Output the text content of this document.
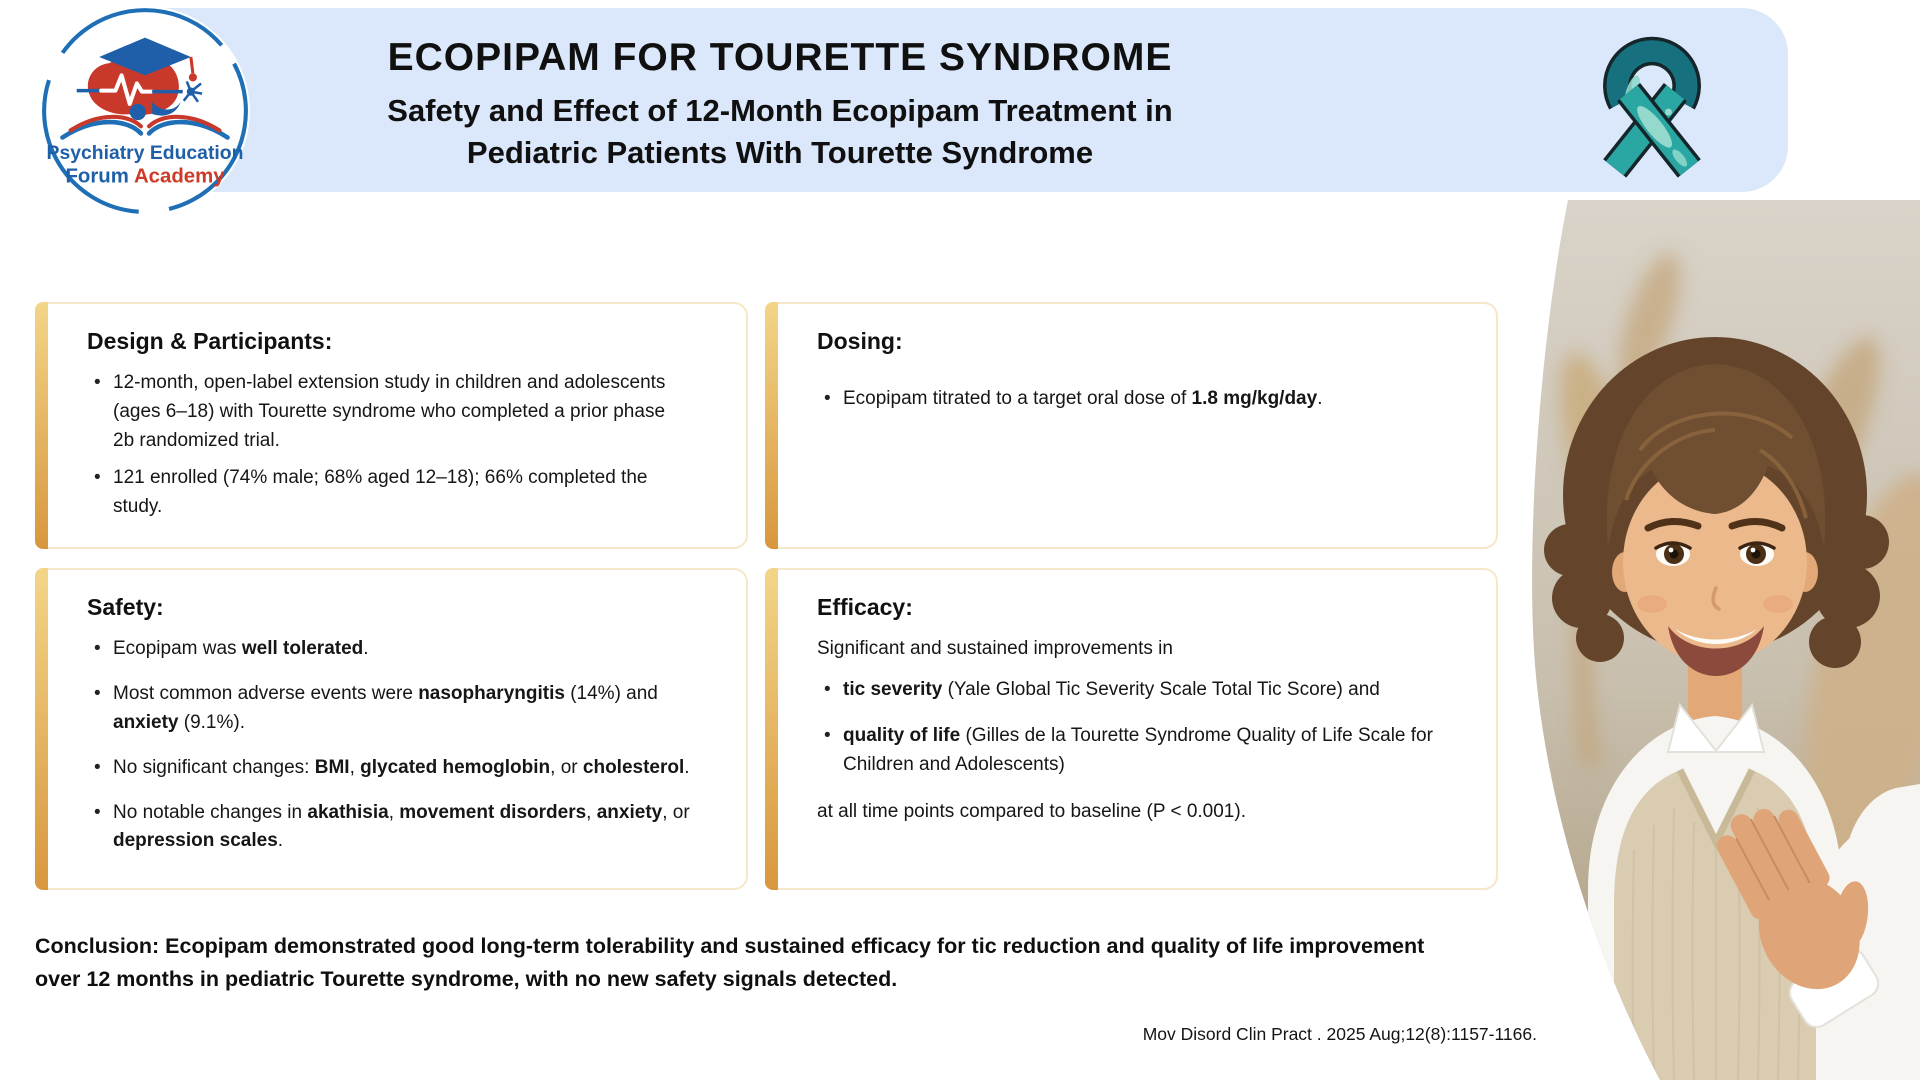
ECOPIPAM FOR TOURETTE SYNDROME
Safety and Effect of 12-Month Ecopipam Treatment in
Pediatric Patients With Tourette Syndrome
Psychiatry Education
Forum Academy
Design & Participants:
• 12-month, open-label extension study in children and adolescents (ages 6–18) with Tourette syndrome who completed a prior phase 2b randomized trial.
• 121 enrolled (74% male; 68% aged 12–18); 66% completed the study.
Dosing:
• Ecopipam titrated to a target oral dose of 1.8 mg/kg/day.
Safety:
• Ecopipam was well tolerated.
• Most common adverse events were nasopharyngitis (14%) and anxiety (9.1%).
• No significant changes: BMI, glycated hemoglobin, or cholesterol.
• No notable changes in akathisia, movement disorders, anxiety, or depression scales.
Efficacy:

Significant and sustained improvements in

• tic severity (Yale Global Tic Severity Scale Total Tic Score) and
• quality of life (Gilles de la Tourette Syndrome Quality of Life Scale for Children and Adolescents)

at all time points compared to baseline (P < 0.001).

Conclusion: Ecopipam demonstrated good long-term tolerability and sustained efficacy for tic reduction and quality of life improvement over 12 months in pediatric Tourette syndrome, with no new safety signals detected.

Mov Disord Clin Pract . 2025 Aug;12(8):1157-1166.
